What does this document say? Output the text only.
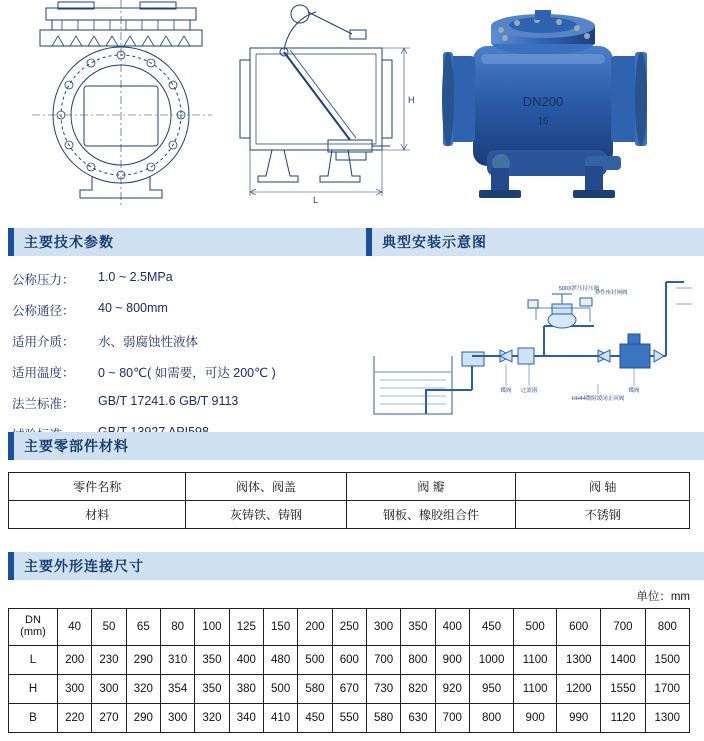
H
L
DN200
16
主要技术参数
公称压力：	1.0 ~ 2.5MPa
公称通径：	40 ~ 800mm
适用介质：	水、弱腐蚀性液体
适用温度：	0 ~ 80℃( 如需要，可达 200℃ )
法兰标准：	GB/T 17241.6 GB/T 9113
典型安装示意图
500X泄压持压阀
弹性座封闸阀
蝶阀 过滤器	蝶阀
HH44微阻缓闭止回阀
主要零部件材料
零件名称	阀体、阀盖	阀 瓣	阀 轴
材料	灰铸铁、铸钢	钢板、橡胶组合件	不锈钢
主要外形连接尺寸
单位：mm
DN
(mm)	40	50	65	80	100	125	150	200	250	300	350	400	450	500	600	700	800
L	200	230	290	310	350	400	480	500	600	700	800	900	1000	1100	1300	1400	1500
H	300	300	320	354	350	380	500	580	670	730	820	920	950	1100	1200	1550	1700
B	220	270	290	300	320	340	410	450	550	580	630	700	800	900	990	1120	1300
